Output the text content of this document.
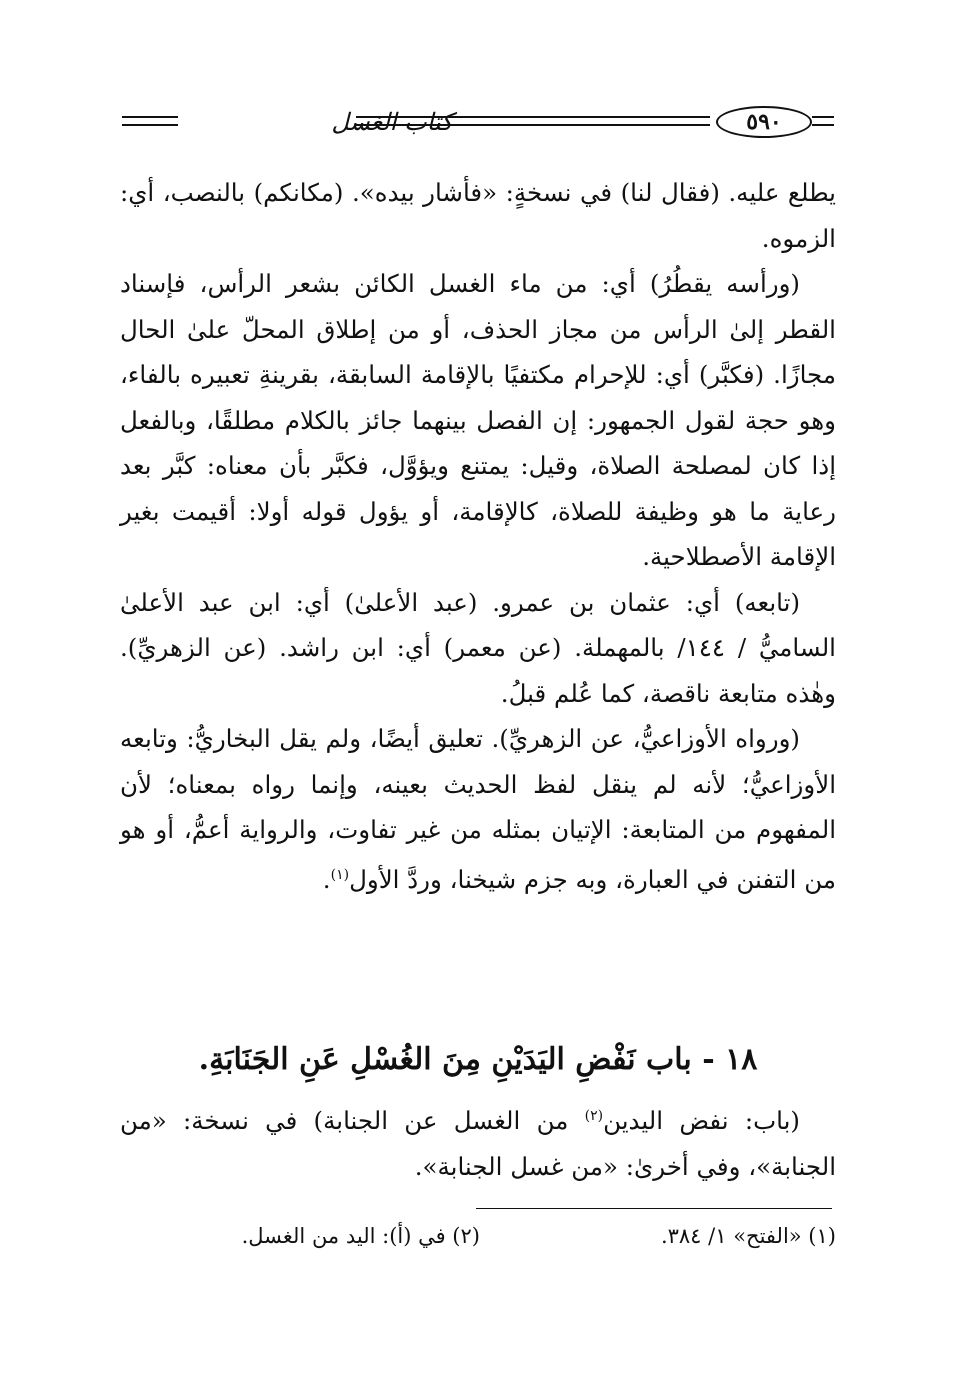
كتاب الغسل	٥٩٠

يطلع عليه. (فقال لنا) في نسخةٍ: «فأشار بيده». (مكانكم) بالنصب، أي: الزموه.

(ورأسه يقطُرُ) أي: من ماء الغسل الكائن بشعر الرأس، فإسناد القطر إلىٰ الرأس من مجاز الحذف، أو من إطلاق المحلّ علىٰ الحال مجازًا. (فكبَّر) أي: للإحرام مكتفيًا بالإقامة السابقة، بقرينةِ تعبيره بالفاء، وهو حجة لقول الجمهور: إن الفصل بينهما جائز بالكلام مطلقًا، وبالفعل إذا كان لمصلحة الصلاة، وقيل: يمتنع ويؤوَّل، فكبَّر بأن معناه: كبَّر بعد رعاية ما هو وظيفة للصلاة، كالإقامة، أو يؤول قوله أولا: أقيمت بغير الإقامة الأصطلاحية.

(تابعه) أي: عثمان بن عمرو. (عبد الأعلىٰ) أي: ابن عبد الأعلىٰ الساميُّ / ١٤٤/ بالمهملة. (عن معمر) أي: ابن راشد. (عن الزهريِّ). وهٰذه متابعة ناقصة، كما عُلم قبلُ.

(ورواه الأوزاعيُّ، عن الزهريِّ). تعليق أيضًا، ولم يقل البخاريُّ: وتابعه الأوزاعيُّ؛ لأنه لم ينقل لفظ الحديث بعينه، وإنما رواه بمعناه؛ لأن المفهوم من المتابعة: الإتيان بمثله من غير تفاوت، والرواية أعمُّ، أو هو من التفنن في العبارة، وبه جزم شيخنا، وردَّ الأول$^{(١)}$.

١٨ - باب نَفْضِ اليَدَيْنِ مِنَ الغُسْلِ عَنِ الجَنَابَةِ.

(باب: نفض اليدين$^{(٢)}$ من الغسل عن الجنابة) في نسخة: «من الجنابة»، وفي أخرىٰ: «من غسل الجنابة».

(١) «الفتح» ١/ ٣٨٤.
(٢) في (أ): اليد من الغسل.
